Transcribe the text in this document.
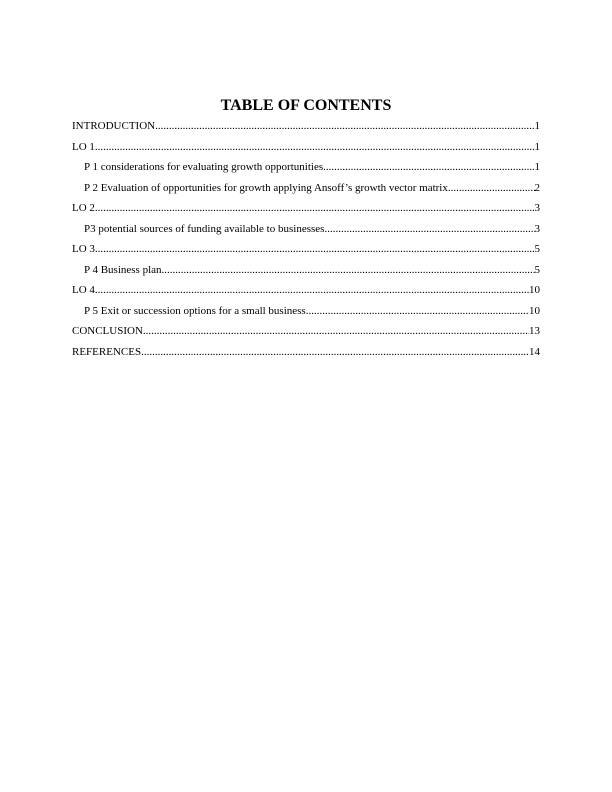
TABLE OF CONTENTS
INTRODUCTION .....	1
LO 1 .....	1
P 1 considerations for evaluating growth opportunities .....	1
P 2 Evaluation of opportunities for growth applying Ansoff’s growth vector matrix .....	2
LO 2 .....	3
P3 potential sources of funding available to businesses .....	3
LO 3 .....	5
P 4 Business plan .....	5
LO 4 .....	10
P 5 Exit or succession options for a small business .....	10
CONCLUSION .....	13
REFERENCES .....	14
